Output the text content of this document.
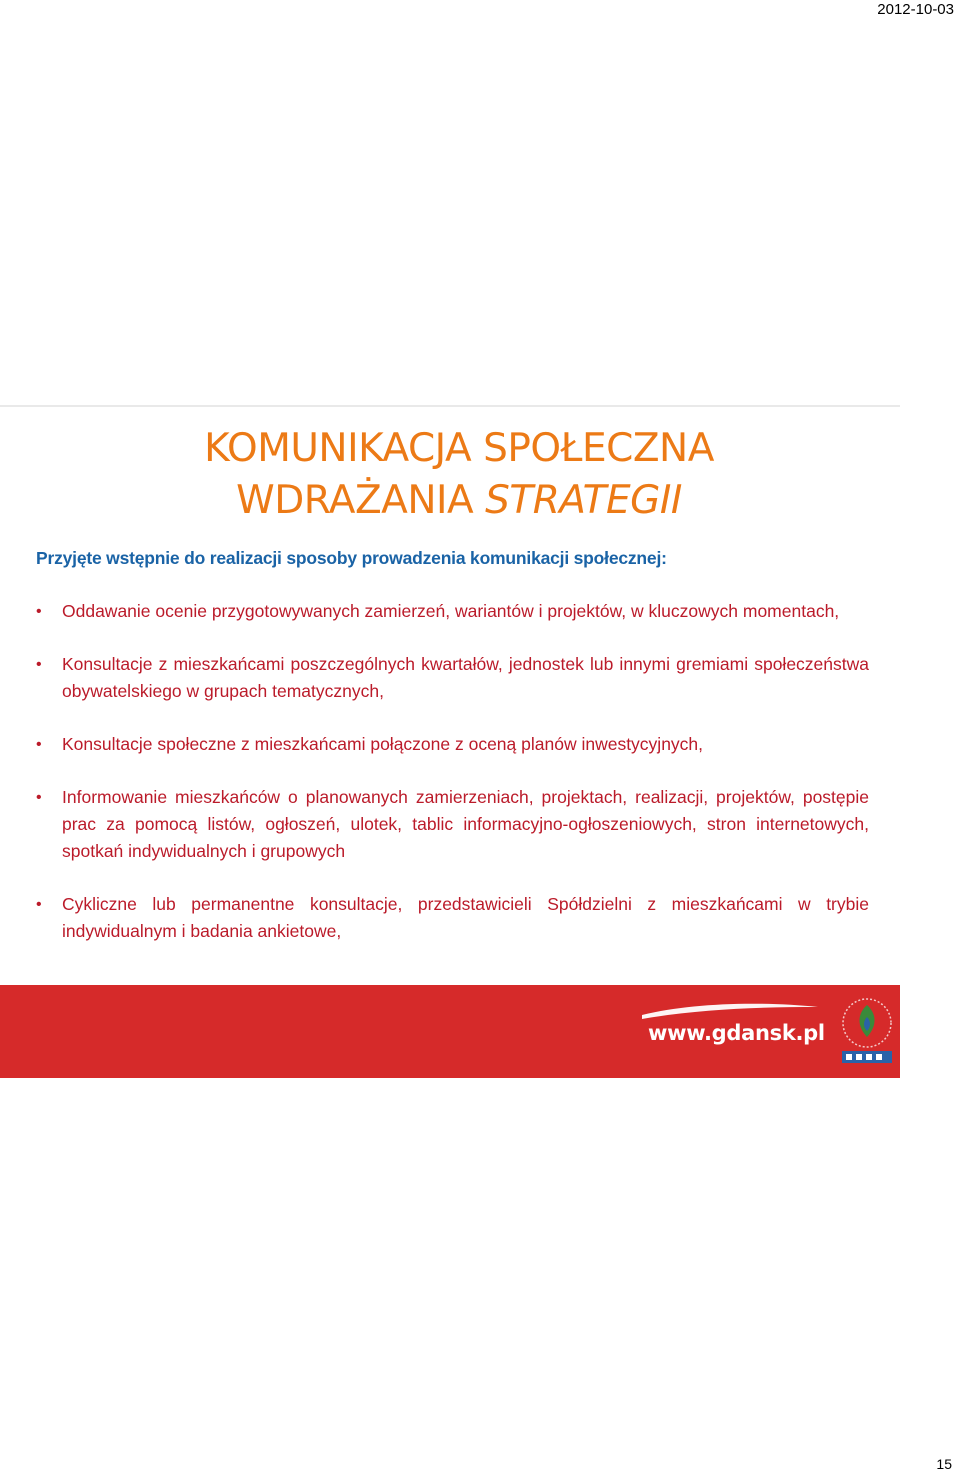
2012-10-03
KOMUNIKACJA SPOŁECZNA
WDRAŻANIA STRATEGII
Przyjęte wstępnie do realizacji sposoby prowadzenia komunikacji społecznej:
• Oddawanie ocenie przygotowywanych zamierzeń, wariantów i projektów, w kluczowych momentach,
• Konsultacje z mieszkańcami poszczególnych kwartałów, jednostek lub innymi gremiami społeczeństwa obywatelskiego w grupach tematycznych,
• Konsultacje społeczne z mieszkańcami połączone z oceną planów inwestycyjnych,
• Informowanie mieszkańców o planowanych zamierzeniach, projektach, realizacji, projektów, postępie prac za pomocą listów, ogłoszeń, ulotek, tablic informacyjno-ogłoszeniowych, stron internetowych, spotkań indywidualnych i grupowych
• Cykliczne lub permanentne konsultacje, przedstawicieli Spółdzielni z mieszkańcami w trybie indywidualnym i badania ankietowe,
www.gdansk.pl
15
